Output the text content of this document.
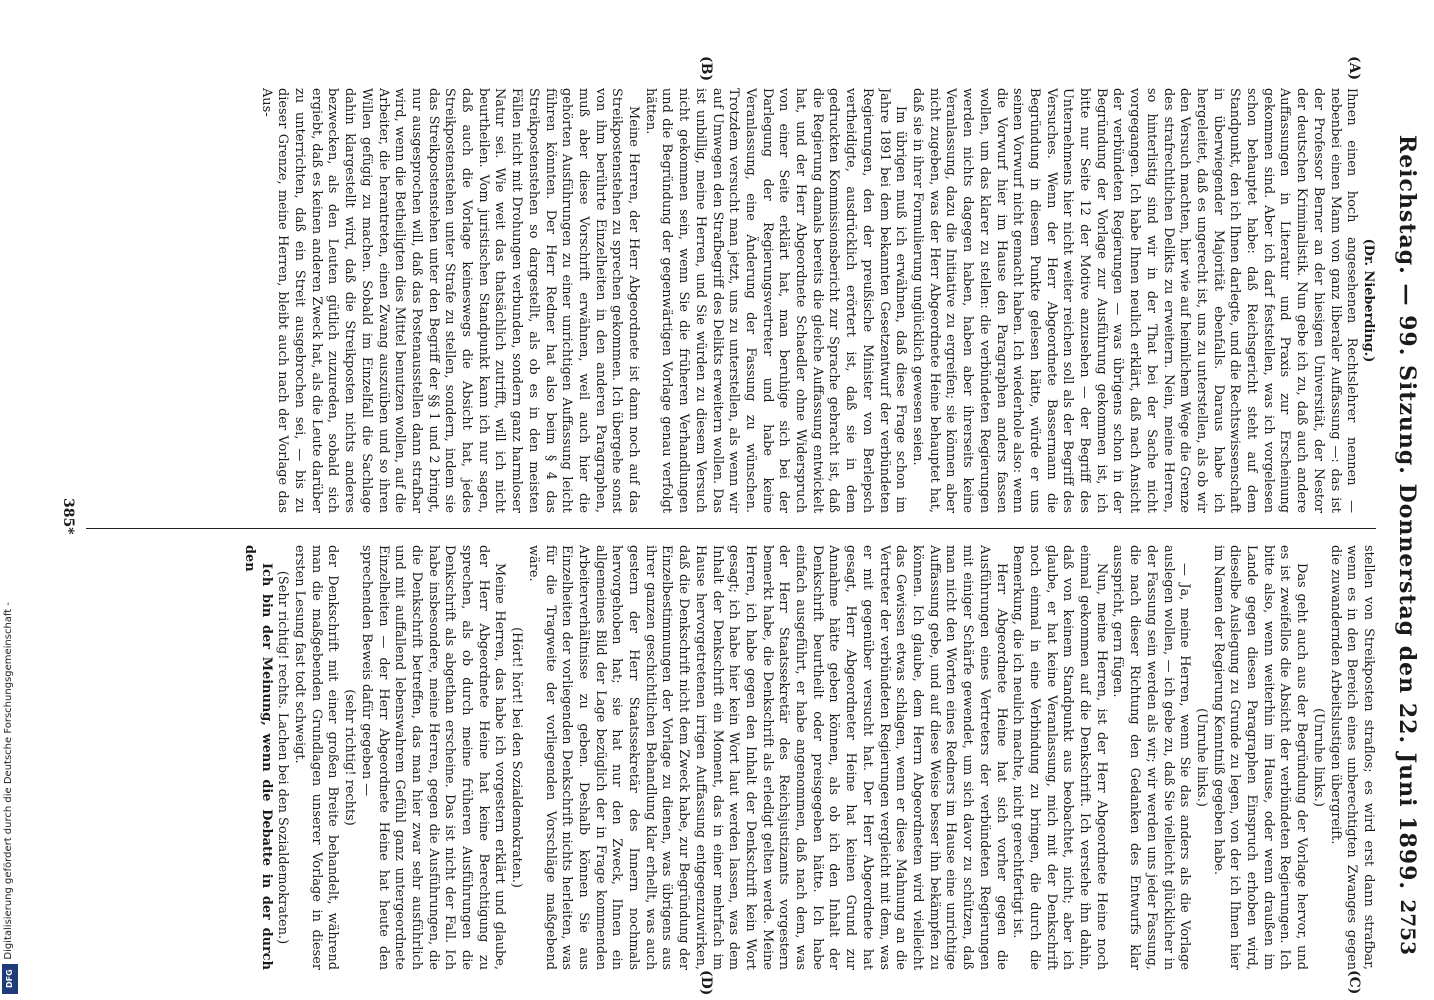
Reichstag. — 99. Sitzung. Donnerstag den 22. Juni 1899.
2753
(A)
(B)
(C)
(D)

(Dr. Nieberding.)

Ihnen einen hoch angesehenen Rechtslehrer nennen — nebenbei einen Mann von ganz liberaler Auffassung —: das ist der Professor Berner an der hiesigen Universität, der Nestor der deutschen Kriminalistik. Nun gebe ich zu, daß auch andere Auffassungen in Literatur und Praxis zur Erscheinung gekommen sind. Aber ich darf feststellen, was ich vorgelesen schon behauptet habe: daß Reichsgericht steht auf dem Standpunkt, den ich Ihnen darlegte, und die Rechtswissenschaft in überwiegender Majorität ebenfalls. Daraus habe ich hergeleitet, daß es ungerecht ist, uns zu unterstellen, als ob wir den Versuch machten, hier wie auf heimlichem Wege die Grenze des strafrechtlichen Delikts zu erweitern. Nein, meine Herren, so hinterlistig sind wir in der That bei der Sache nicht vorgegangen. Ich habe Ihnen neulich erklärt, daß nach Ansicht der verbündeten Regierungen — was übrigens schon in der Begründung der Vorlage zur Ausführung gekommen ist, ich bitte nur Seite 12 der Motive anzusehen — der Begriff des Unternehmens hier nicht weiter reichen soll als der Begriff des Versuches. Wenn der Herr Abgeordnete Bassermann die Begründung in diesem Punkte gelesen hätte, würde er uns seinen Vorwurf nicht gemacht haben. Ich wiederhole also: wenn die Vorwurf hier im Hause den Paragraphen anders fassen wollen, um das klarer zu stellen: die verbündeten Regierungen werden nichts dagegen haben, haben aber ihrerseits keine Veranlassung, dazu die Initiative zu ergreifen; sie können aber nicht zugeben, was der Herr Abgeordnete Heine behauptet hat, daß sie in ihrer Formulierung unglücklich gewesen seien.

Im übrigen muß ich erwähnen, daß diese Frage schon im Jahre 1891 bei dem bekannten Gesetzentwurf der verbündeten Regierungen, den der preußische Minister von Berlepsch vertheidigte, ausdrücklich erörtert ist, daß sie in dem gedruckten Kommissionsbericht zur Sprache gebracht ist, daß die Regierung damals bereits die gleiche Auffassung entwickelt hat, und der Herr Abgeordnete Schaedler ohne Widerspruch von einer Seite erklärt hat, man beruhige sich bei der Darlegung der Regierungsvertreter und habe keine Veranlassung, eine Änderung der Fassung zu wünschen. Trotzdem versucht man jetzt, uns zu unterstellen, als wenn wir auf Umwegen den Strafbegriff des Delikts erweitern wollen. Das ist unbillig, meine Herren, und Sie würden zu diesem Versuch nicht gekommen sein, wenn Sie die früheren Verhandlungen und die Begründung der gegenwärtigen Vorlage genau verfolgt hätten.

Meine Herren, der Herr Abgeordnete ist dann noch auf das Streikpostenstehen zu sprechen gekommen. Ich übergehe sonst von ihm berührte Einzelheiten in den anderen Paragraphen, muß aber diese Vorschrift erwähnen, weil auch hier die gehörten Ausführungen zu einer unrichtigen Auffassung leicht führen könnten. Der Herr Redner hat also beim § 4 das Streikpostenstehen so dargestellt, als ob es in den meisten Fällen nicht mit Drohungen verbunden, sondern ganz harmloser Natur sei. Wie weit das thatsächlich zutrifft, will ich nicht beurtheilen. Vom juristischen Standpunkt kann ich nur sagen, daß auch die Vorlage keineswegs die Absicht hat, jedes Streikpostenstehen unter Strafe zu stellen, sondern, indem sie das Streikpostenstehen unter den Begriff der §§ 1 und 2 bringt, nur ausgesprochen will, daß das Postenausstellen dann strafbar wird, wenn die Betheiligten dies Mittel benutzen wollen, auf die Arbeiter, die herantreten, einen Zwang auszuüben und so ihren Willen gefügig zu machen. Sobald im Einzelfall die Sachlage dahin klargestellt wird, daß die Streikposten nichts anderes bezwecken, als den Leuten gütlich zuzureden, sobald sich ergiebt, daß es keinen anderen Zweck hat, als die Leute darüber zu unterrichten, daß ein Streit ausgebrochen sei, — bis zu dieser Grenze, meine Herren, bleibt auch nach der Vorlage das Aus-

stellen von Streikposten straflos; es wird erst dann strafbar, wenn es in den Bereich eines unberechtigten Zwanges gegen die zuwandernden Arbeitslustigen übergreift.

(Unruhe links.)

Das geht auch aus der Begründung der Vorlage hervor, und es ist zweifellos die Absicht der verbündeten Regierungen. Ich bitte also, wenn weiterhin im Hause, oder wenn draußen im Lande gegen diesen Paragraphen Einspruch erhoben wird, dieselbe Auslegung zu Grunde zu legen, von der ich Ihnen hier im Namen der Regierung Kenntniß gegeben habe.

(Unruhe links.)

— Ja, meine Herren, wenn Sie das anders als die Vorlage auslegen wollen, — ich gebe zu, daß Sie vielleicht glücklicher in der Fassung sein werden als wir; wir werden uns jeder Fassung, die nach dieser Richtung den Gedanken des Entwurfs klar ausspricht, gern fügen.

Nun, meine Herren, ist der Herr Abgeordnete Heine noch einmal gekommen auf die Denkschrift. Ich verstehe ihn dahin, daß von keinem Standpunkt aus beobachtet, nicht; aber ich glaube, er hat keine Veranlassung, mich mit der Denkschrift noch einmal in eine Verbindung zu bringen, die durch die Bemerkung, die ich neulich machte, nicht gerechtfertigt ist.

Herr Abgeordnete Heine hat sich vorher gegen die Ausführungen eines Vertreters der verbündeten Regierungen mit einiger Schärfe gewendet, um sich davor zu schützen, daß man nicht den Worten eines Redners im Hause eine unrichtige Auffassung gebe, und auf diese Weise besser ihn bekämpfen zu können. Ich glaube, dem Herrn Abgeordneten wird vielleicht das Gewissen etwas schlagen, wenn er diese Mahnung an die Vertreter der verbündeten Regierungen vergleicht mit dem, was er mit gegenüber versucht hat. Der Herr Abgeordnete hat gesagt, Herr Abgeordneter Heine hat keinen Grund zur Annahme hätte geben können, als ob ich den Inhalt der Denkschrift beurtheilt oder preisgegeben hätte. Ich habe einfach ausgeführt, er habe angenommen, daß nach dem, was der Herr Staatssekretär des Reichsjustizamts vorgestern bemerkt habe, die Denkschrift als erledigt gelten werde. Meine Herren, ich habe gegen den Inhalt der Denkschrift kein Wort gesagt; ich habe hier kein Wort laut werden lassen, was dem Inhalt der Denkschrift ein Moment, das in einer mehrfach im Hause hervorgetretenen irrigen Auffassung entgegenzuwirken, daß die Denkschrift nicht dem Zweck habe, zur Begründung der Einzelbestimmungen der Vorlage zu dienen, was übrigens aus ihrer ganzen geschichtlichen Behandlung klar erhellt, was auch gestern der Herr Staatssekretär des Innern nochmals hervorgehoben hat; sie hat nur den Zweck, Ihnen ein allgemeines Bild der Lage bezüglich der in Frage kommenden Arbeiterverhältnisse zu geben. Deshalb können Sie aus Einzelheiten der vorliegenden Denkschrift nichts herleiten, was für die Tragweite der vorliegenden Vorschläge maßgebend wäre.

(Hört! hört! bei den Sozialdemokraten.)

Meine Herren, das habe ich vorgestern erklärt und glaube, der Herr Abgeordnete Heine hat keine Berechtigung zu sprechen, als ob durch meine früheren Ausführungen die Denkschrift als abgethan erscheine. Das ist nicht der Fall. Ich habe insbesondere, meine Herren, gegen die Ausführungen, die die Denkschrift betreffen, das man hier zwar sehr ausführlich und mit auffallend lebenswahrem Gefühl ganz untergeordnete Einzelheiten — der Herr Abgeordnete Heine hat heute den sprechenden Beweis dafür gegeben —

(sehr richtig! rechts)

der Denkschrift mit einer großen Breite behandelt, während man die maßgebenden Grundlagen unserer Vorlage in dieser ersten Lesung fast todt schweigt.

(Sehr richtig! rechts. Lachen bei den Sozialdemokraten.)

Ich bin der Meinung, wenn die Debatte in der durch den

385*
Digitalisierung gefördert durch die Deutsche Forschungsgemeinschaft -
DFG
